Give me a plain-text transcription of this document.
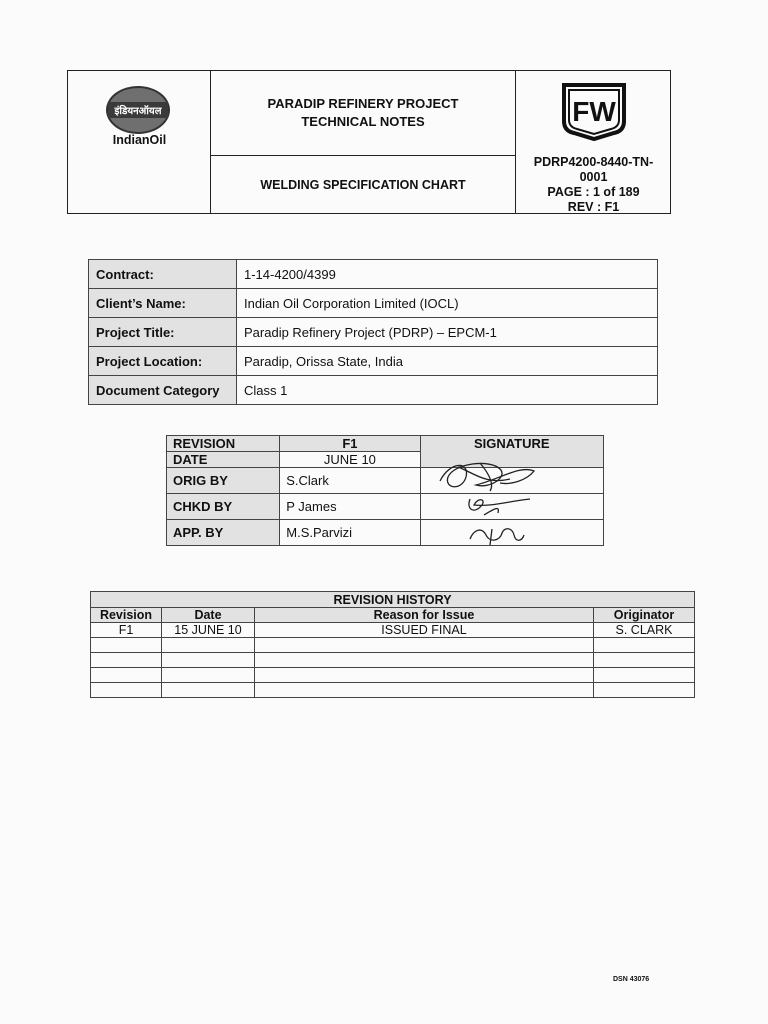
इंडियनऑयल
IndianOil
PARADIP REFINERY PROJECT
TECHNICAL NOTES
WELDING SPECIFICATION CHART
FW
PDRP4200-8440-TN-
0001
PAGE : 1 of 189
REV : F1
Contract:	1-14-4200/4399
Client’s Name:	Indian Oil Corporation Limited (IOCL)
Project Title:	Paradip Refinery Project (PDRP) – EPCM-1
Project Location:	Paradip, Orissa State, India
Document Category	Class 1
REVISION	F1	SIGNATURE
DATE	JUNE 10	
ORIG BY	S.Clark	
CHKD BY	P James	
APP. BY	M.S.Parvizi	
REVISION HISTORY			
Revision	Date	Reason for Issue	Originator
F1	15 JUNE 10	ISSUED FINAL	S. CLARK

DSN 43076
